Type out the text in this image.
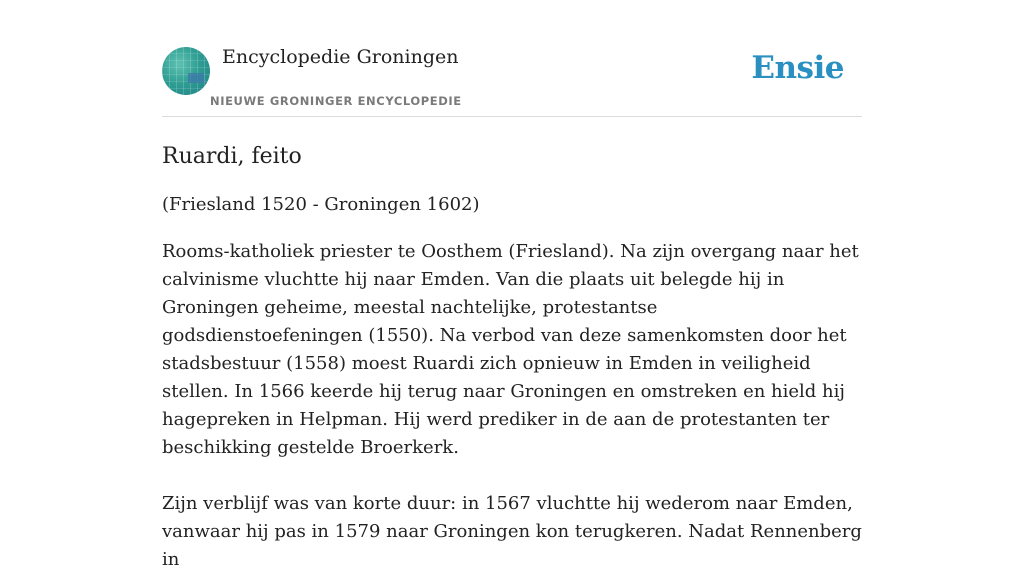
Encyclopedie Groningen
NIEUWE GRONINGER ENCYCLOPEDIE
Ensie
Ruardi, feito

(Friesland 1520 - Groningen 1602)

Rooms-katholiek priester te Oosthem (Friesland). Na zijn overgang naar het calvinisme vluchtte hij naar Emden. Van die plaats uit belegde hij in Groningen geheime, meestal nachtelijke, protestantse godsdienstoefeningen (1550). Na verbod van deze samenkomsten door het stadsbestuur (1558) moest Ruardi zich opnieuw in Emden in veiligheid stellen. In 1566 keerde hij terug naar Groningen en omstreken en hield hij hagepreken in Helpman. Hij werd prediker in de aan de protestanten ter beschikking gestelde Broerkerk.

Zijn verblijf was van korte duur: in 1567 vluchtte hij wederom naar Emden, vanwaar hij pas in 1579 naar Groningen kon terugkeren. Nadat Rennenberg in
